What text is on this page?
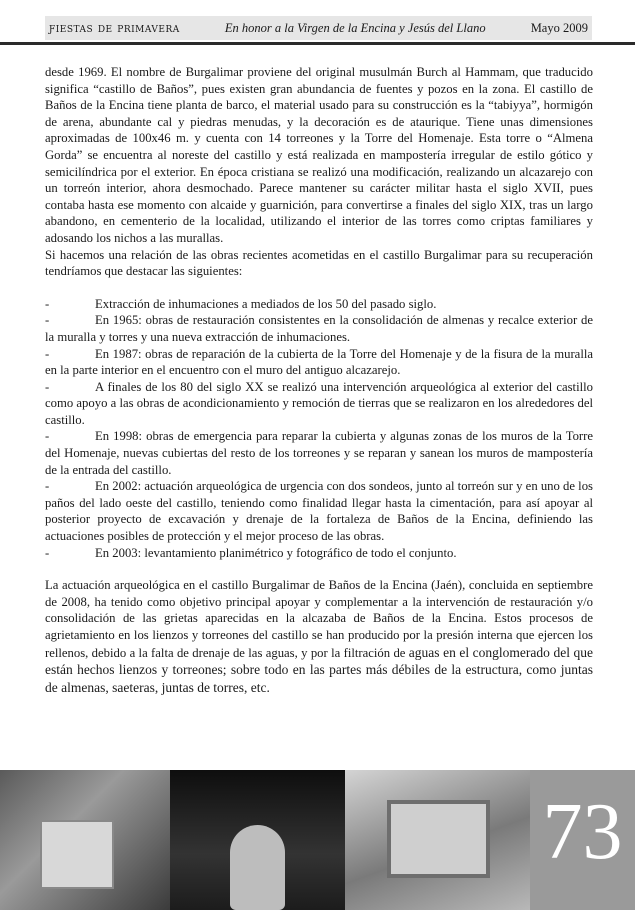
ƒiestas de primavera	En honor a la Virgen de la Encina y Jesús del Llano	Mayo 2009

desde 1969. El nombre de Burgalimar proviene del original musulmán Burch al Hammam, que traducido significa “castillo de Baños”, pues existen gran abundancia de fuentes y pozos en la zona. El castillo de Baños de la Encina tiene planta de barco, el material usado para su construcción es la “tabiyya”, hormigón de arena, abundante cal y piedras menudas, y la decoración es de ataurique. Tiene unas dimensiones aproximadas de 100x46 m. y cuenta con 14 torreones y la Torre del Homenaje. Esta torre o “Almena Gorda” se encuentra al noreste del castillo y está realizada en mampostería irregular de estilo gótico y semicilíndrica por el exterior. En época cristiana se realizó una modificación, realizando un alcazarejo con un torreón interior, ahora desmochado. Parece mantener su carácter militar hasta el siglo XVII, pues contaba hasta ese momento con alcaide y guarnición, para convertirse a finales del siglo XIX, tras un largo abandono, en cementerio de la localidad, utilizando el interior de las torres como criptas familiares y adosando los nichos a las murallas.

Si hacemos una relación de las obras recientes acometidas en el castillo Burgalimar para su recuperación tendríamos que destacar las siguientes:

-	Extracción de inhumaciones a mediados de los 50 del pasado siglo.

-	En 1965: obras de restauración consistentes en la consolidación de almenas y recalce exterior de la muralla y torres y una nueva extracción de inhumaciones.

-	En 1987: obras de reparación de la cubierta de la Torre del Homenaje y de la fisura de la muralla en la parte interior en el encuentro con el muro del antiguo alcazarejo.

-	A finales de los 80 del siglo XX se realizó una intervención arqueológica al exterior del castillo como apoyo a las obras de acondicionamiento y remoción de tierras que se realizaron en los alrededores del castillo.

-	En 1998: obras de emergencia para reparar la cubierta y algunas zonas de los muros de la Torre del Homenaje, nuevas cubiertas del resto de los torreones y se reparan y sanean los muros de mampostería de la entrada del castillo.

-	En 2002: actuación arqueológica de urgencia con dos sondeos, junto al torreón sur y en uno de los paños del lado oeste del castillo, teniendo como finalidad llegar hasta la cimentación, para así apoyar al posterior proyecto de excavación y drenaje de la fortaleza de Baños de la Encina, definiendo las actuaciones posibles de protección y el mejor proceso de las obras.

-	En 2003: levantamiento planimétrico y fotográfico de todo el conjunto.

La actuación arqueológica en el castillo Burgalimar de Baños de la Encina (Jaén), concluida en septiembre de 2008, ha tenido como objetivo principal apoyar y complementar a la intervención de restauración y/o consolidación de las grietas aparecidas en la alcazaba de Baños de la Encina. Estos procesos de agrietamiento en los lienzos y torreones del castillo se han producido por la presión interna que ejercen los rellenos, debido a la falta de drenaje de las aguas, y por la filtración de aguas en el conglomerado del que están hechos lienzos y torreones; sobre todo en las partes más débiles de la estructura, como juntas de almenas, saeteras, juntas de torres, etc.

73
